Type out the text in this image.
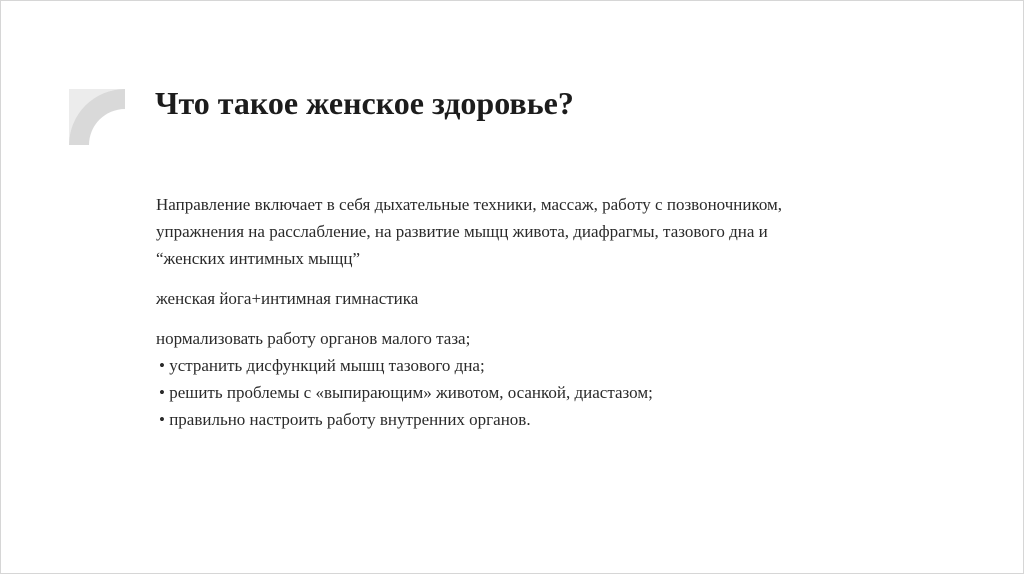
Что такое женское здоровье?

Направление включает в себя дыхательные техники, массаж, работу с позвоночником,

упражнения на расслабление, на развитие мыщц живота, диафрагмы, тазового дна и

“женских интимных мыщц”

женская йога+интимная гимнастика

нормализовать работу органов малого таза;

• устранить дисфункций мышц тазового дна;

• решить проблемы с «выпирающим» животом, осанкой, диастазом;

• правильно настроить работу внутренних органов.
